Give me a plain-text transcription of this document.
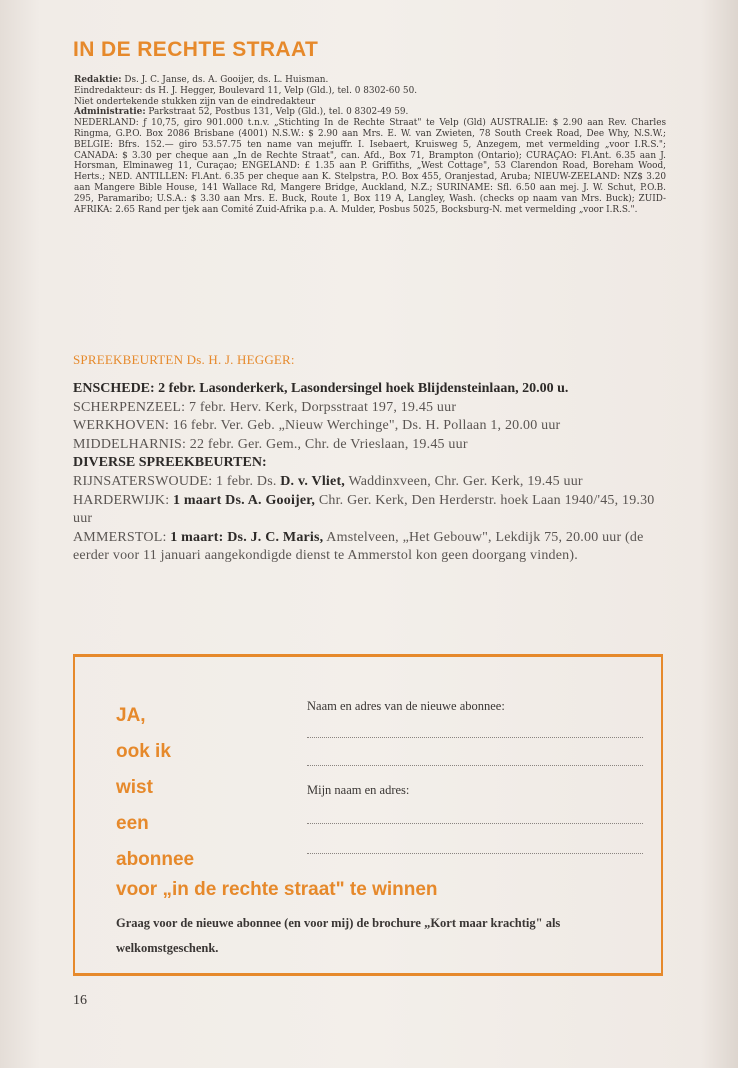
IN DE RECHTE STRAAT

Redaktie: Ds. J. C. Janse, ds. A. Gooijer, ds. L. Huisman.

Eindredakteur: ds H. J. Hegger, Boulevard 11, Velp (Gld.), tel. 0 8302-60 50.

Niet ondertekende stukken zijn van de eindredakteur

Administratie: Parkstraat 52, Postbus 131, Velp (Gld.), tel. 0 8302-49 59.

NEDERLAND: ƒ 10,75, giro 901.000 t.n.v. „Stichting In de Rechte Straat" te Velp (Gld) AUSTRALIE: $ 2.90 aan Rev. Charles Ringma, G.P.O. Box 2086 Brisbane (4001) N.S.W.: $ 2.90 aan Mrs. E. W. van Zwieten, 78 South Creek Road, Dee Why, N.S.W.; BELGIE: Bfrs. 152.— giro 53.57.75 ten name van mejuffr. I. Isebaert, Kruisweg 5, Anzegem, met vermelding „voor I.R.S."; CANADA: $ 3.30 per cheque aan „In de Rechte Straat", can. Afd., Box 71, Brampton (Ontario); CURAÇAO: Fl.Ant. 6.35 aan J. Horsman, Elminaweg 11, Curaçao; ENGELAND: £ 1.35 aan P. Griffiths, „West Cottage", 53 Clarendon Road, Boreham Wood, Herts.; NED. ANTILLEN: Fl.Ant. 6.35 per cheque aan K. Stelpstra, P.O. Box 455, Oranjestad, Aruba; NIEUW-ZEELAND: NZ$ 3.20 aan Mangere Bible House, 141 Wallace Rd, Mangere Bridge, Auckland, N.Z.; SURINAME: Sfl. 6.50 aan mej. J. W. Schut, P.O.B. 295, Paramaribo; U.S.A.: $ 3.30 aan Mrs. E. Buck, Route 1, Box 119 A, Langley, Wash. (checks op naam van Mrs. Buck); ZUID-AFRIKA: 2.65 Rand per tjek aan Comité Zuid-Afrika p.a. A. Mulder, Posbus 5025, Bocksburg-N. met vermelding „voor I.R.S.".

SPREEKBEURTEN Ds. H. J. HEGGER:

ENSCHEDE: 2 febr. Lasonderkerk, Lasondersingel hoek Blijdensteinlaan, 20.00 u.

SCHERPENZEEL: 7 febr. Herv. Kerk, Dorpsstraat 197, 19.45 uur

WERKHOVEN: 16 febr. Ver. Geb. „Nieuw Werchinge", Ds. H. Pollaan 1, 20.00 uur

MIDDELHARNIS: 22 febr. Ger. Gem., Chr. de Vrieslaan, 19.45 uur

DIVERSE SPREEKBEURTEN:

RIJNSATERSWOUDE: 1 febr. Ds. D. v. Vliet, Waddinxveen, Chr. Ger. Kerk, 19.45 uur

HARDERWIJK: 1 maart Ds. A. Gooijer, Chr. Ger. Kerk, Den Herderstr. hoek Laan 1940/'45, 19.30 uur

AMMERSTOL: 1 maart: Ds. J. C. Maris, Amstelveen, „Het Gebouw", Lekdijk 75, 20.00 uur (de eerder voor 11 januari aangekondigde dienst te Ammerstol kon geen doorgang vinden).

JA,

ook ik

wist

een

abonnee

voor „in de rechte straat" te winnen

Naam en adres van de nieuwe abonnee:
Mijn naam en adres:
Graag voor de nieuwe abonnee (en voor mij) de brochure „Kort maar krachtig" als welkomstgeschenk.
16
